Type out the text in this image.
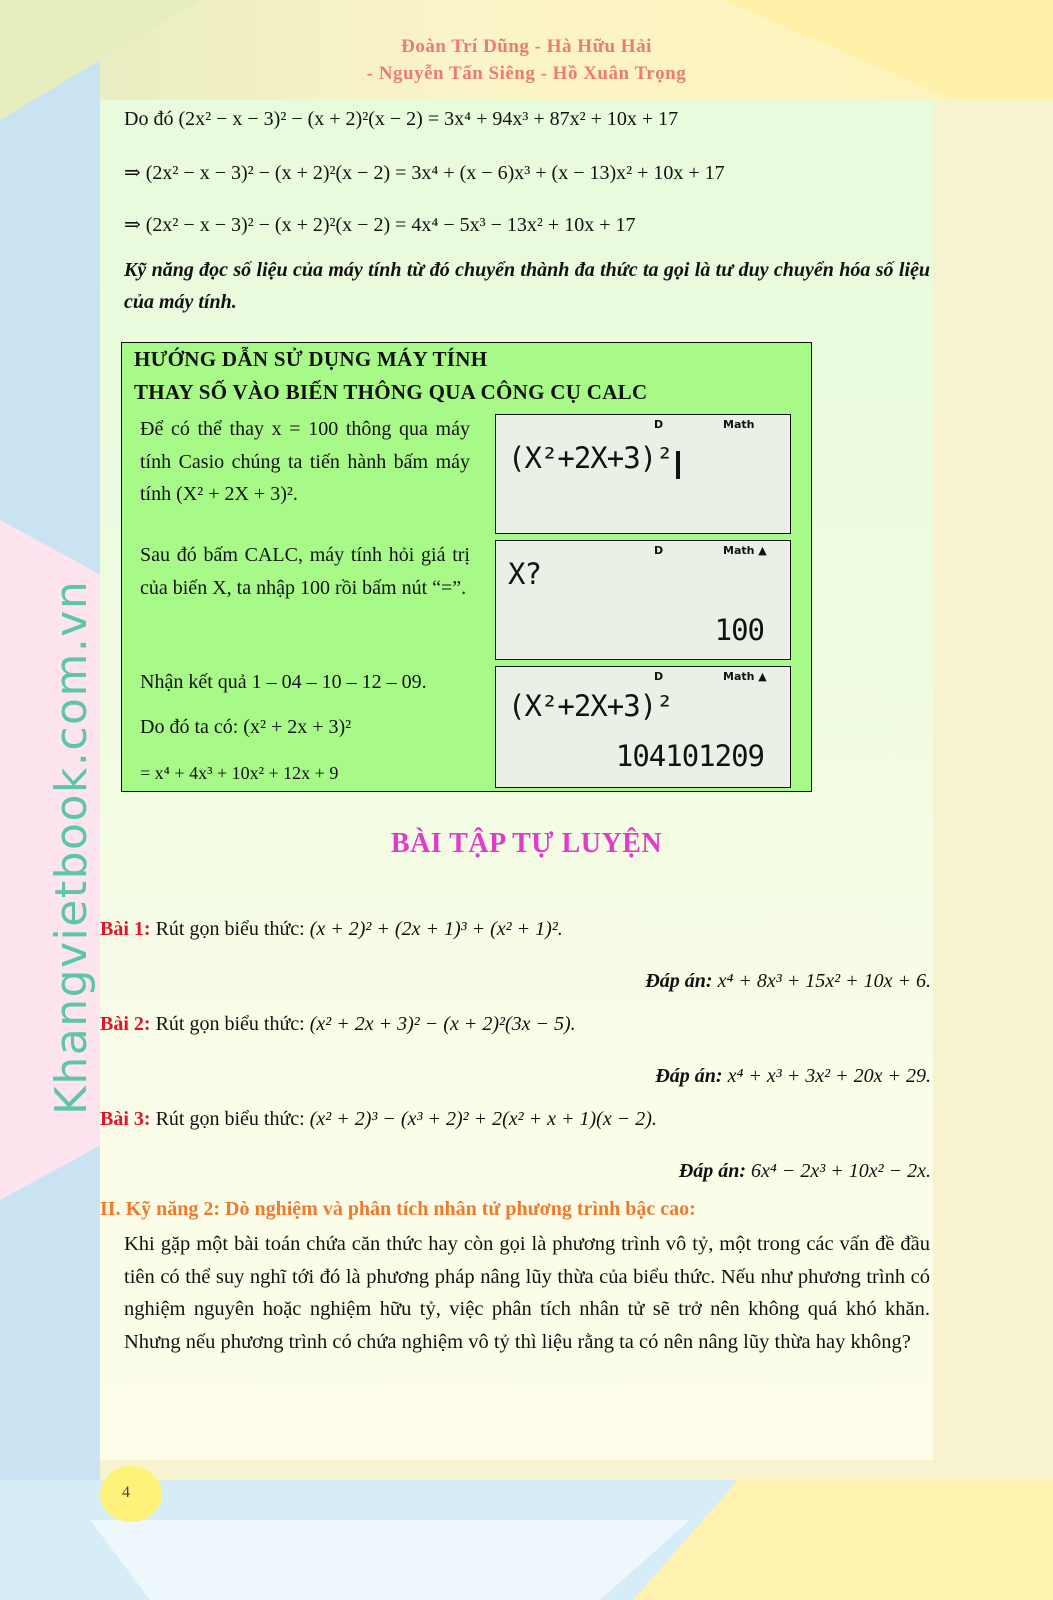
Đoàn Trí Dũng - Hà Hữu Hải
- Nguyễn Tấn Siêng - Hồ Xuân Trọng
Khangvietbook.com.vn
Do đó (2x² − x − 3)² − (x + 2)²(x − 2) = 3x⁴ + 94x³ + 87x² + 10x + 17
⇒ (2x² − x − 3)² − (x + 2)²(x − 2) = 3x⁴ + (x − 6)x³ + (x − 13)x² + 10x + 17
⇒ (2x² − x − 3)² − (x + 2)²(x − 2) = 4x⁴ − 5x³ − 13x² + 10x + 17
Kỹ năng đọc số liệu của máy tính từ đó chuyển thành đa thức ta gọi là tư duy chuyển hóa số liệu của máy tính.
HƯỚNG DẪN SỬ DỤNG MÁY TÍNH
THAY SỐ VÀO BIẾN THÔNG QUA CÔNG CỤ CALC
Để có thể thay x = 100 thông qua máy tính Casio chúng ta tiến hành bấm máy tính (X² + 2X + 3)².
Sau đó bấm CALC, máy tính hỏi giá trị của biến X, ta nhập 100 rồi bấm nút “=”.
Nhận kết quả 1 – 04 – 10 – 12 – 09.
Do đó ta có: (x² + 2x + 3)²
= x⁴ + 4x³ + 10x² + 12x + 9
D	Math
(X²+2X+3)²
D	Math ▲
X?
100
D	Math ▲
(X²+2X+3)²
104101209
BÀI TẬP TỰ LUYỆN
Bài 1: Rút gọn biểu thức: (x + 2)² + (2x + 1)³ + (x² + 1)².
Đáp án: x⁴ + 8x³ + 15x² + 10x + 6.
Bài 2: Rút gọn biểu thức: (x² + 2x + 3)² − (x + 2)²(3x − 5).
Đáp án: x⁴ + x³ + 3x² + 20x + 29.
Bài 3: Rút gọn biểu thức: (x² + 2)³ − (x³ + 2)² + 2(x² + x + 1)(x − 2).
Đáp án: 6x⁴ − 2x³ + 10x² − 2x.
II. Kỹ năng 2: Dò nghiệm và phân tích nhân tử phương trình bậc cao:
Khi gặp một bài toán chứa căn thức hay còn gọi là phương trình vô tỷ, một trong các vấn đề đầu tiên có thể suy nghĩ tới đó là phương pháp nâng lũy thừa của biểu thức. Nếu như phương trình có nghiệm nguyên hoặc nghiệm hữu tỷ, việc phân tích nhân tử sẽ trở nên không quá khó khăn. Nhưng nếu phương trình có chứa nghiệm vô tỷ thì liệu rằng ta có nên nâng lũy thừa hay không?
4
